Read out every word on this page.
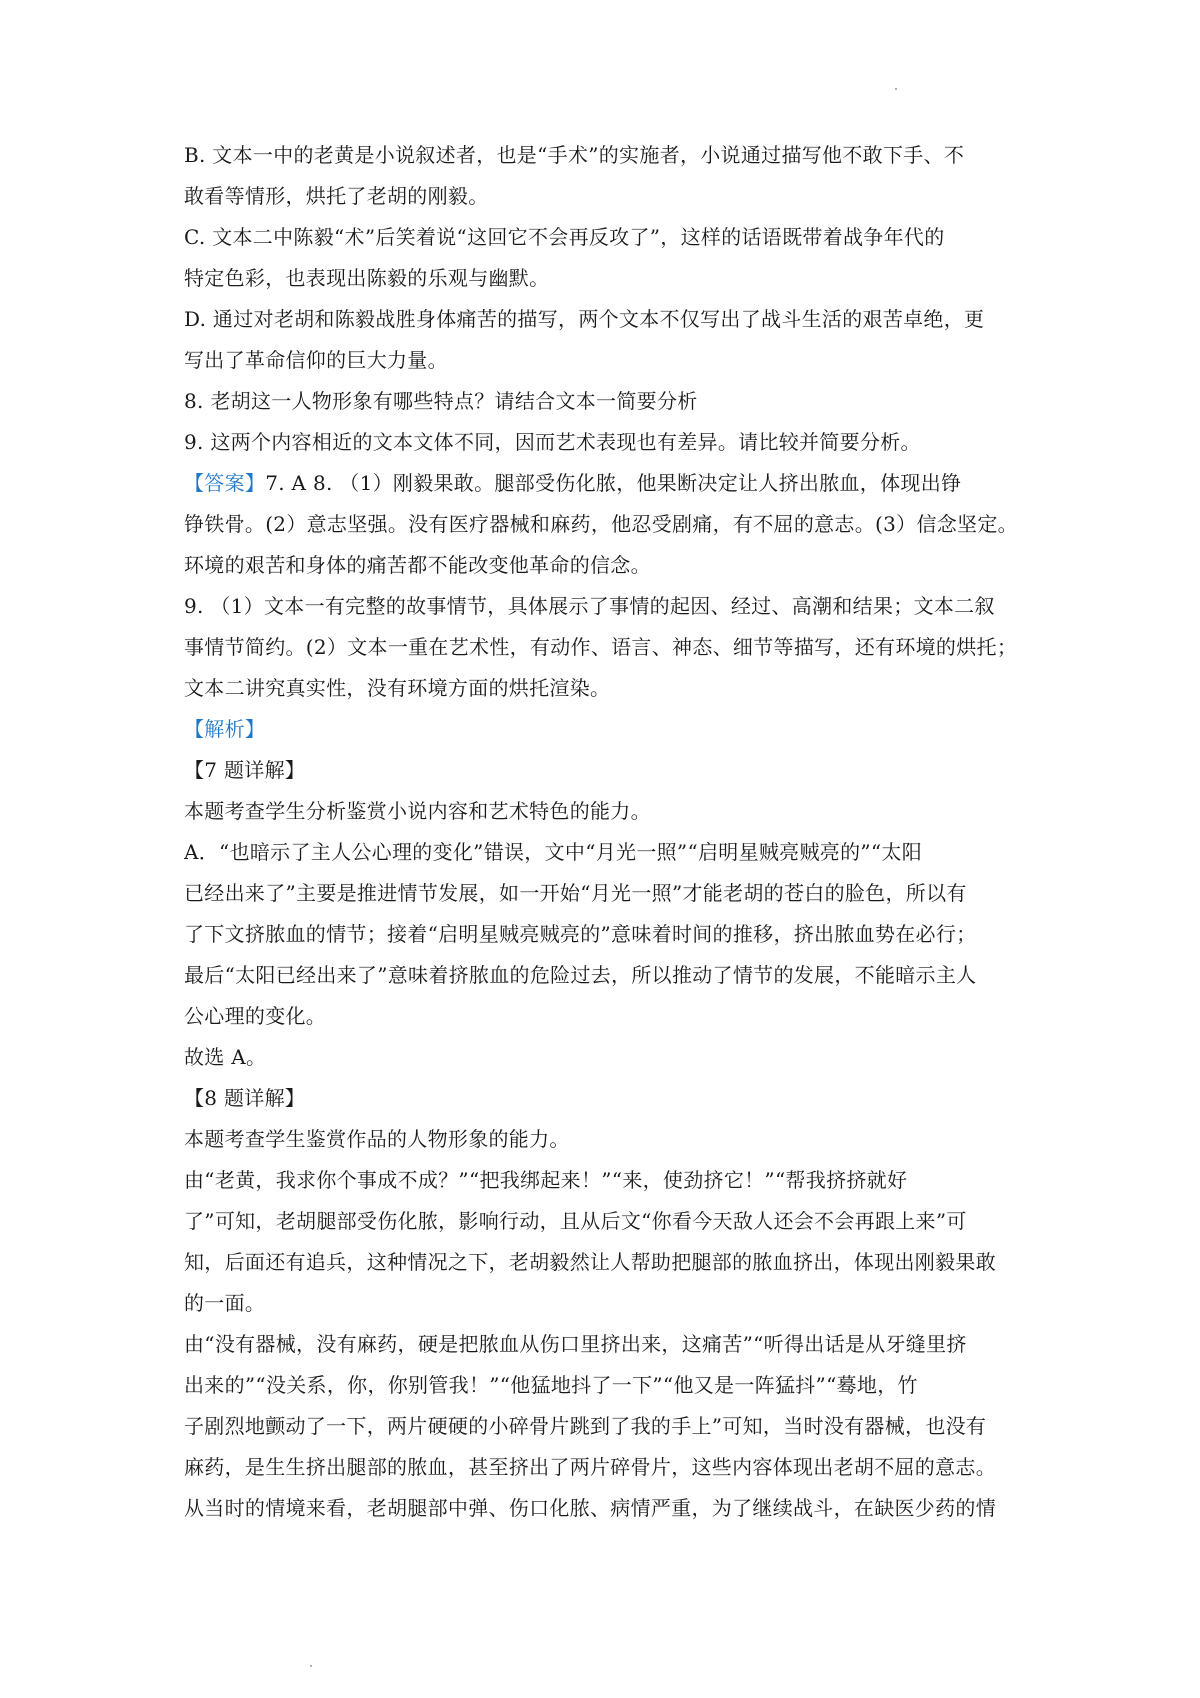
B. 文本一中的老黄是小说叙述者，也是“手术”的实施者，小说通过描写他不敢下手、不
敢看等情形，烘托了老胡的刚毅。
C. 文本二中陈毅“术”后笑着说“这回它不会再反攻了”，这样的话语既带着战争年代的
特定色彩，也表现出陈毅的乐观与幽默。
D. 通过对老胡和陈毅战胜身体痛苦的描写，两个文本不仅写出了战斗生活的艰苦卓绝，更
写出了革命信仰的巨大力量。
8. 老胡这一人物形象有哪些特点？请结合文本一简要分析
9. 这两个内容相近的文本文体不同，因而艺术表现也有差异。请比较并简要分析。
【答案】7. A 8. （1）刚毅果敢。腿部受伤化脓，他果断决定让人挤出脓血，体现出铮
铮铁骨。(2）意志坚强。没有医疗器械和麻药，他忍受剧痛，有不屈的意志。(3）信念坚定。
环境的艰苦和身体的痛苦都不能改变他革命的信念。
9. （1）文本一有完整的故事情节，具体展示了事情的起因、经过、高潮和结果；文本二叙
事情节简约。(2）文本一重在艺术性，有动作、语言、神态、细节等描写，还有环境的烘托；
文本二讲究真实性，没有环境方面的烘托渲染。
【解析】
【7 题详解】
本题考查学生分析鉴赏小说内容和艺术特色的能力。
A．“也暗示了主人公心理的变化”错误，文中“月光一照”“启明星贼亮贼亮的”“太阳
已经出来了”主要是推进情节发展，如一开始“月光一照”才能老胡的苍白的脸色，所以有
了下文挤脓血的情节；接着“启明星贼亮贼亮的”意味着时间的推移，挤出脓血势在必行；
最后“太阳已经出来了”意味着挤脓血的危险过去，所以推动了情节的发展，不能暗示主人
公心理的变化。
故选 A。
【8 题详解】
本题考查学生鉴赏作品的人物形象的能力。
由“老黄，我求你个事成不成？”“把我绑起来！”“来，使劲挤它！”“帮我挤挤就好
了”可知，老胡腿部受伤化脓，影响行动，且从后文“你看今天敌人还会不会再跟上来”可
知，后面还有追兵，这种情况之下，老胡毅然让人帮助把腿部的脓血挤出，体现出刚毅果敢
的一面。
由“没有器械，没有麻药，硬是把脓血从伤口里挤出来，这痛苦”“听得出话是从牙缝里挤
出来的”“没关系，你，你别管我！”“他猛地抖了一下”“他又是一阵猛抖”“蓦地，竹
子剧烈地颤动了一下，两片硬硬的小碎骨片跳到了我的手上”可知，当时没有器械，也没有
麻药，是生生挤出腿部的脓血，甚至挤出了两片碎骨片，这些内容体现出老胡不屈的意志。
从当时的情境来看，老胡腿部中弹、伤口化脓、病情严重，为了继续战斗，在缺医少药的情
